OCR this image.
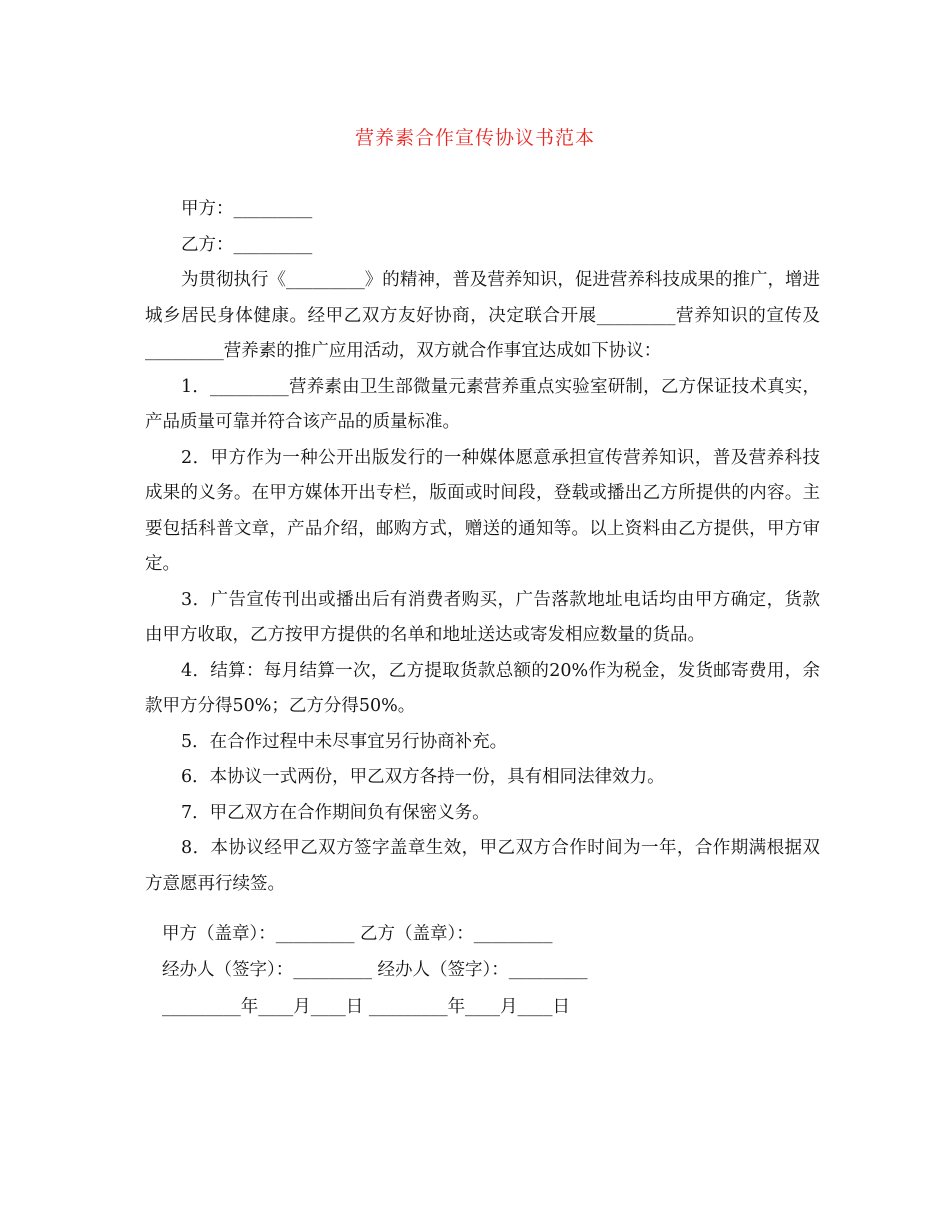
营养素合作宣传协议书范本

甲方：_________

乙方：_________

为贯彻执行《_________》的精神，普及营养知识，促进营养科技成果的推广，增进城乡居民身体健康。经甲乙双方友好协商，决定联合开展_________营养知识的宣传及_________营养素的推广应用活动，双方就合作事宜达成如下协议：

1．_________营养素由卫生部微量元素营养重点实验室研制，乙方保证技术真实，产品质量可靠并符合该产品的质量标准。

2．甲方作为一种公开出版发行的一种媒体愿意承担宣传营养知识，普及营养科技成果的义务。在甲方媒体开出专栏，版面或时间段，登载或播出乙方所提供的内容。主要包括科普文章，产品介绍，邮购方式，赠送的通知等。以上资料由乙方提供，甲方审定。

3．广告宣传刊出或播出后有消费者购买，广告落款地址电话均由甲方确定，货款由甲方收取，乙方按甲方提供的名单和地址送达或寄发相应数量的货品。

4．结算：每月结算一次，乙方提取货款总额的20%作为税金，发货邮寄费用，余款甲方分得50%；乙方分得50%。

5．在合作过程中未尽事宜另行协商补充。

6．本协议一式两份，甲乙双方各持一份，具有相同法律效力。

7．甲乙双方在合作期间负有保密义务。

8．本协议经甲乙双方签字盖章生效，甲乙双方合作时间为一年，合作期满根据双方意愿再行续签。

甲方（盖章）：_________ 乙方（盖章）：_________
经办人（签字）：_________ 经办人（签字）：_________
_________年____月____日 _________年____月____日
